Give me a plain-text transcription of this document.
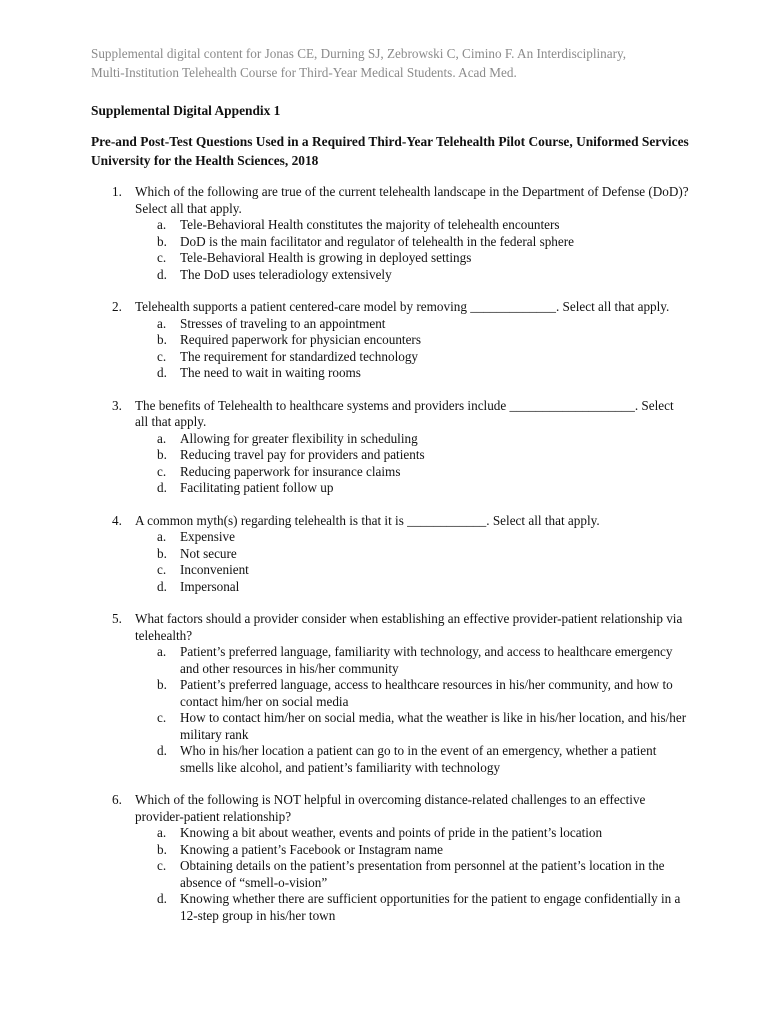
Supplemental digital content for Jonas CE, Durning SJ, Zebrowski C, Cimino F. An Interdisciplinary,
Multi-Institution Telehealth Course for Third-Year Medical Students. Acad Med.
Supplemental Digital Appendix 1
Pre-and Post-Test Questions Used in a Required Third-Year Telehealth Pilot Course, Uniformed Services University for the Health Sciences, 2018
1. Which of the following are true of the current telehealth landscape in the Department of Defense (DoD)? Select all that apply.
a.	Tele-Behavioral Health constitutes the majority of telehealth encounters
b. DoD is the main facilitator and regulator of telehealth in the federal sphere
c.	Tele-Behavioral Health is growing in deployed settings
d. The DoD uses teleradiology extensively
2. Telehealth supports a patient centered-care model by removing _____________. Select all that apply.
a.	Stresses of traveling to an appointment
b. Required paperwork for physician encounters
c.	The requirement for standardized technology
d. The need to wait in waiting rooms
3. The benefits of Telehealth to healthcare systems and providers include ___________________. Select all that apply.
a.	Allowing for greater flexibility in scheduling
b. Reducing travel pay for providers and patients
c.	Reducing paperwork for insurance claims
d. Facilitating patient follow up
4. A common myth(s) regarding telehealth is that it is ____________. Select all that apply.
a.	Expensive
b. Not secure
c.	Inconvenient
d. Impersonal
5. What factors should a provider consider when establishing an effective provider-patient relationship via telehealth?
a.	Patient’s preferred language, familiarity with technology, and access to healthcare emergency and other resources in his/her community
b. Patient’s preferred language, access to healthcare resources in his/her community, and how to contact him/her on social media
c.	How to contact him/her on social media, what the weather is like in his/her location, and his/her military rank
d. Who in his/her location a patient can go to in the event of an emergency, whether a patient smells like alcohol, and patient’s familiarity with technology
6. Which of the following is NOT helpful in overcoming distance-related challenges to an effective provider-patient relationship?
a.	Knowing a bit about weather, events and points of pride in the patient’s location
b. Knowing a patient’s Facebook or Instagram name
c.	Obtaining details on the patient’s presentation from personnel at the patient’s location in the absence of “smell-o-vision”
d. Knowing whether there are sufficient opportunities for the patient to engage confidentially in a 12-step group in his/her town
